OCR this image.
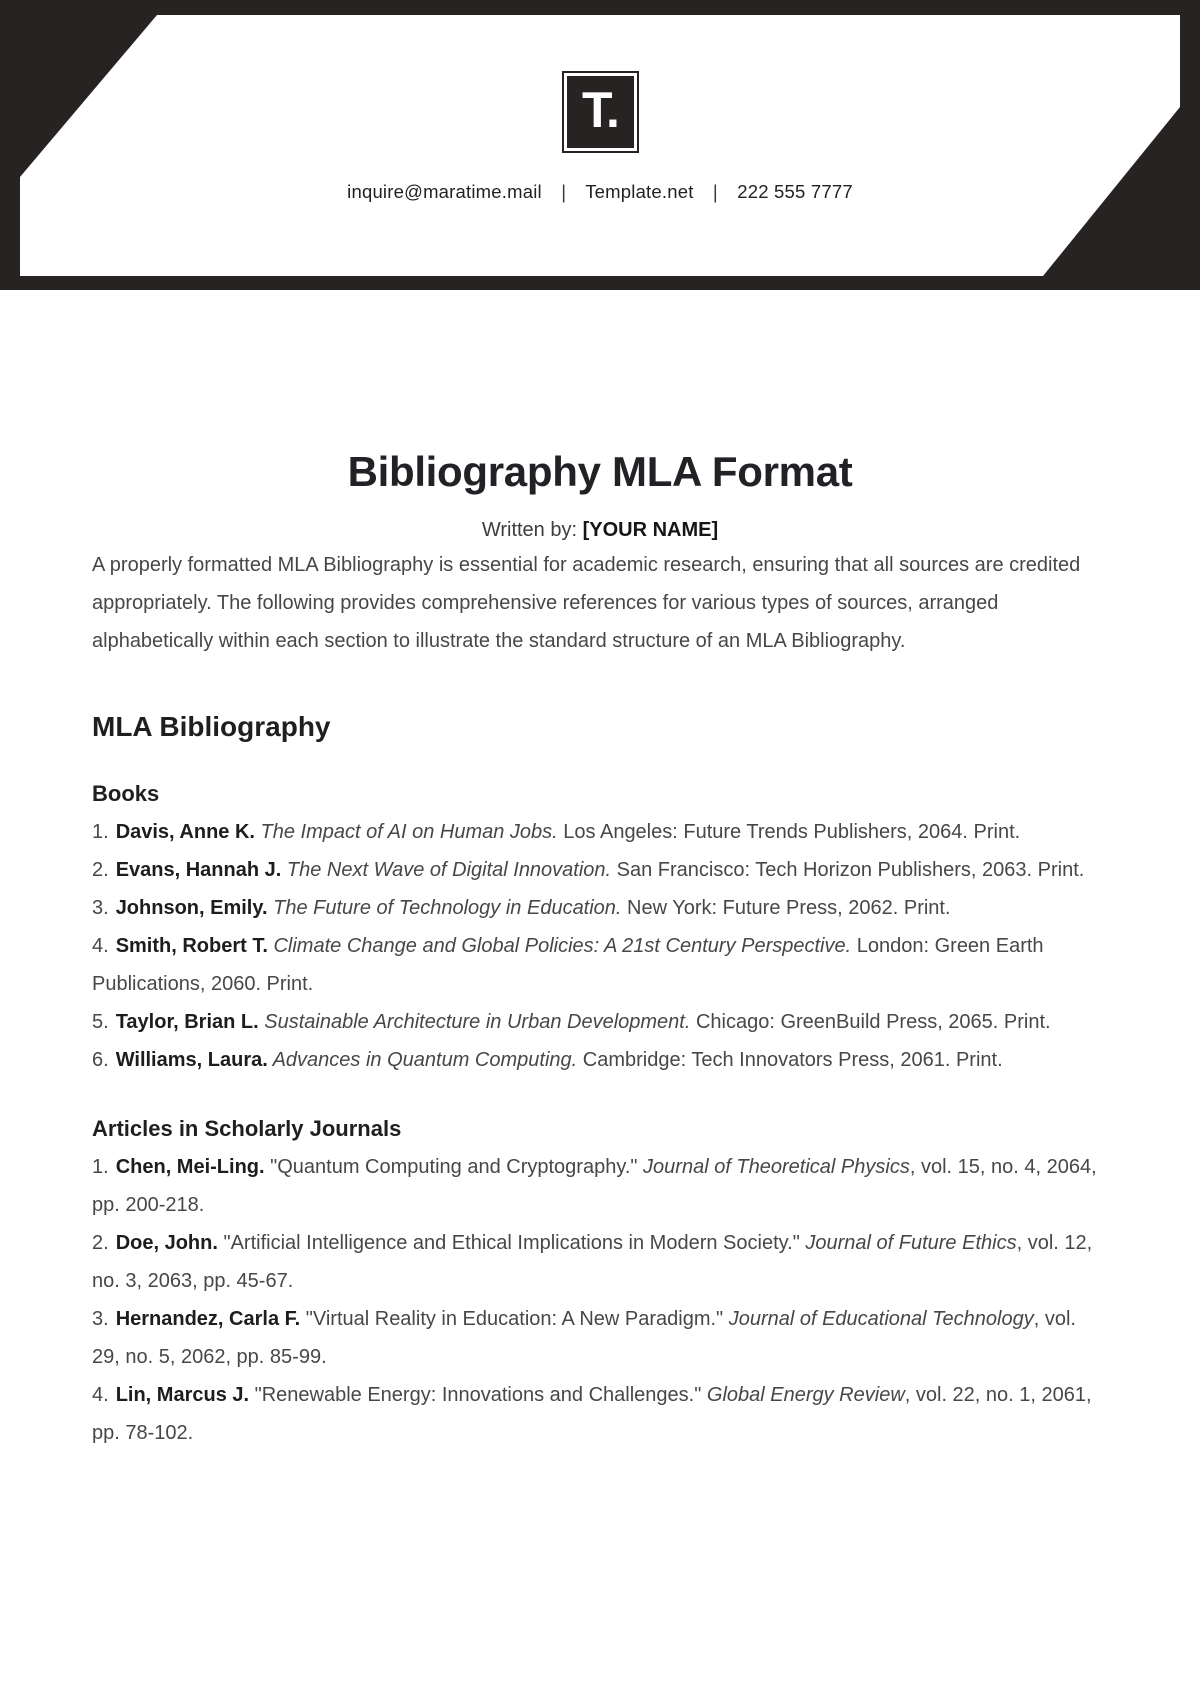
T.
inquire@maratime.mail | Template.net | 222 555 7777
Bibliography MLA Format

Written by: [YOUR NAME]

A properly formatted MLA Bibliography is essential for academic research, ensuring that all sources are credited appropriately. The following provides comprehensive references for various types of sources, arranged alphabetically within each section to illustrate the standard structure of an MLA Bibliography.

MLA Bibliography
Books
1. Davis, Anne K. The Impact of AI on Human Jobs. Los Angeles: Future Trends Publishers, 2064. Print.
2. Evans, Hannah J. The Next Wave of Digital Innovation. San Francisco: Tech Horizon Publishers, 2063. Print.
3. Johnson, Emily. The Future of Technology in Education. New York: Future Press, 2062. Print.
4. Smith, Robert T. Climate Change and Global Policies: A 21st Century Perspective. London: Green Earth Publications, 2060. Print.
5. Taylor, Brian L. Sustainable Architecture in Urban Development. Chicago: GreenBuild Press, 2065. Print.
6. Williams, Laura. Advances in Quantum Computing. Cambridge: Tech Innovators Press, 2061. Print.
Articles in Scholarly Journals
1. Chen, Mei-Ling. "Quantum Computing and Cryptography." Journal of Theoretical Physics, vol. 15, no. 4, 2064, pp. 200-218.
2. Doe, John. "Artificial Intelligence and Ethical Implications in Modern Society." Journal of Future Ethics, vol. 12, no. 3, 2063, pp. 45-67.
3. Hernandez, Carla F. "Virtual Reality in Education: A New Paradigm." Journal of Educational Technology, vol. 29, no. 5, 2062, pp. 85-99.
4. Lin, Marcus J. "Renewable Energy: Innovations and Challenges." Global Energy Review, vol. 22, no. 1, 2061, pp. 78-102.
